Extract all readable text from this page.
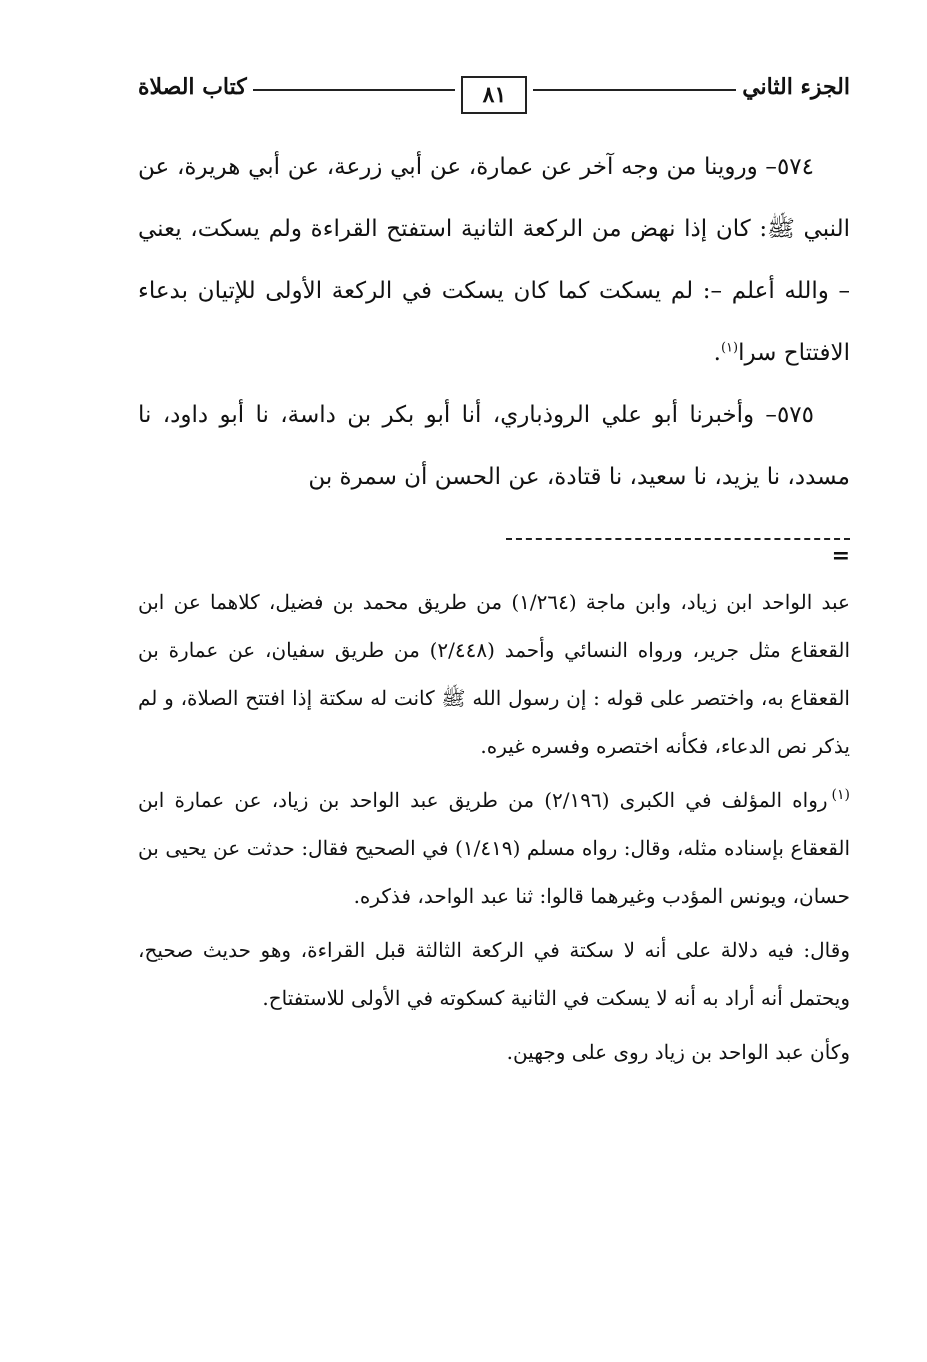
الجزء الثاني
٨١
كتاب الصلاة

٥٧٤– وروينا من وجه آخر عن عمارة، عن أبي زرعة، عن أبي هريرة، عن النبي ﷺ: كان إذا نهض من الركعة الثانية استفتح القراءة ولم يسكت، يعني – والله أعلم –: لم يسكت كما كان يسكت في الركعة الأولى للإتيان بدعاء الافتتاح سرا$^{(١)}$.

٥٧٥– وأخبرنا أبو علي الروذباري، أنا أبو بكر بن داسة، نا أبو داود، نا مسدد، نا يزيد، نا سعيد، نا قتادة، عن الحسن أن سمرة بن

=

عبد الواحد ابن زياد، وابن ماجة (١/٢٦٤) من طريق محمد بن فضيل، كلاهما عن ابن القعقاع مثل جرير، ورواه النسائي وأحمد (٢/٤٤٨) من طريق سفيان، عن عمارة بن القعقاع به، واختصر على قوله : إن رسول الله ﷺ كانت له سكتة إذا افتتح الصلاة، و لم يذكر نص الدعاء، فكأنه اختصره وفسره غيره.

$^{(١)}$رواه المؤلف في الكبرى (٢/١٩٦) من طريق عبد الواحد بن زياد، عن عمارة ابن القعقاع بإسناده مثله، وقال: رواه مسلم (١/٤١٩) في الصحيح فقال: حدثت عن يحيى بن حسان، ويونس المؤدب وغيرهما قالوا: ثنا عبد الواحد، فذكره.

وقال: فيه دلالة على أنه لا سكتة في الركعة الثالثة قبل القراءة، وهو حديث صحيح، ويحتمل أنه أراد به أنه لا يسكت في الثانية كسكوته في الأولى للاستفتاح.

وكأن عبد الواحد بن زياد روى على وجهين.
